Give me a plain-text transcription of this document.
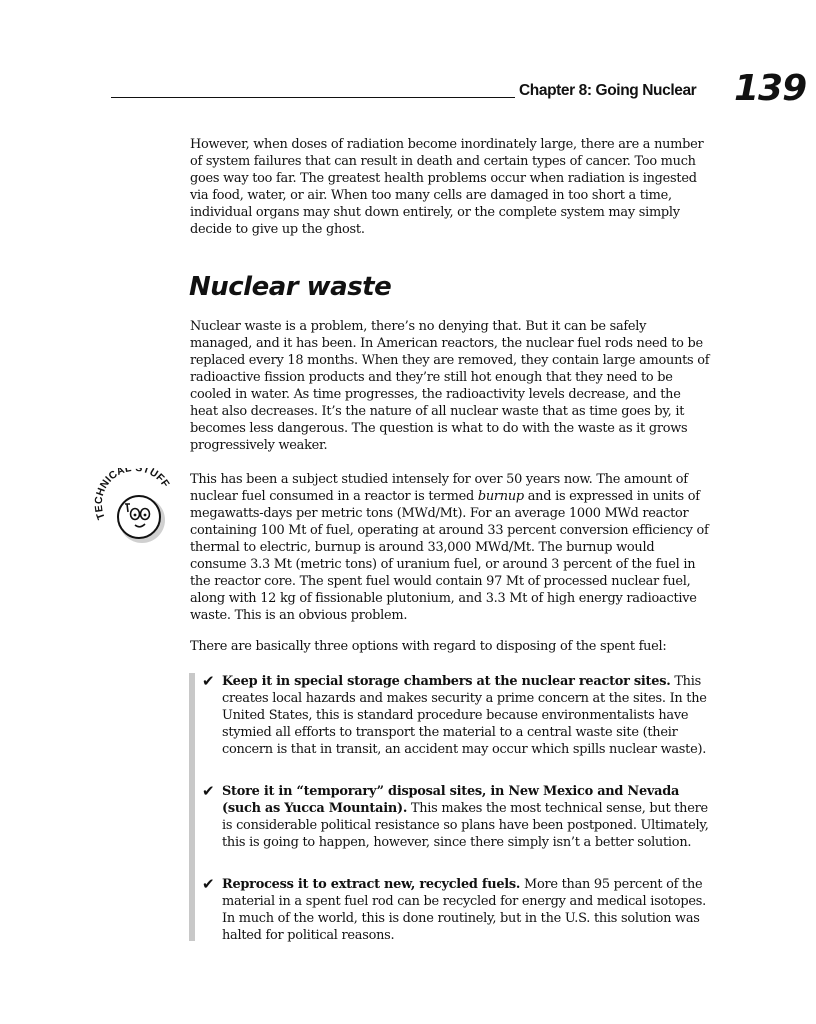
Chapter 8: Going Nuclear 139

However, when doses of radiation become inordinately large, there are a number of system failures that can result in death and certain types of cancer. Too much goes way too far. The greatest health problems occur when radiation is ingested via food, water, or air. When too many cells are damaged in too short a time, individual organs may shut down entirely, or the complete system may simply decide to give up the ghost.

Nuclear waste

Nuclear waste is a problem, there’s no denying that. But it can be safely managed, and it has been. In American reactors, the nuclear fuel rods need to be replaced every 18 months. When they are removed, they contain large amounts of radioactive fission products and they’re still hot enough that they need to be cooled in water. As time progresses, the radioactivity levels decrease, and the heat also decreases. It’s the nature of all nuclear waste that as time goes by, it becomes less dangerous. The question is what to do with the waste as it grows progressively weaker.

TE HNICAL STUFF This has been a subject studied intensely for over 50 years now. The amount of nuclear fuel consumed in a reactor is termed burnup and is expressed in units of megawatts-days per metric tons (MWd/Mt). For an average 1000 MWd reactor containing 100 Mt of fuel, operating at around 33 percent conversion efficiency of thermal to electric, burnup is around 33,000 MWd/Mt. The burnup would consume 3.3 Mt (metric tons) of uranium fuel, or around 3 percent of the fuel in the reactor core. The spent fuel would contain 97 Mt of processed nuclear fuel, along with 12 kg of fissionable plutonium, and 3.3 Mt of high energy radioactive waste. This is an obvious problem.

There are basically three options with regard to disposing of the spent fuel:

✔ Keep it in special storage chambers at the nuclear reactor sites. This creates local hazards and makes security a prime concern at the sites. In the United States, this is standard procedure because environmentalists have stymied all efforts to transport the material to a central waste site (their concern is that in transit, an accident may occur which spills nuclear waste).

✔ Store it in “temporary” disposal sites, in New Mexico and Nevada (such as Yucca Mountain). This makes the most technical sense, but there is considerable political resistance so plans have been postponed. Ultimately, this is going to happen, however, since there simply isn’t a better solution.

✔ Reprocess it to extract new, recycled fuels. More than 95 percent of the material in a spent fuel rod can be recycled for energy and medical isotopes. In much of the world, this is done routinely, but in the U.S. this solution was halted for political reasons.
